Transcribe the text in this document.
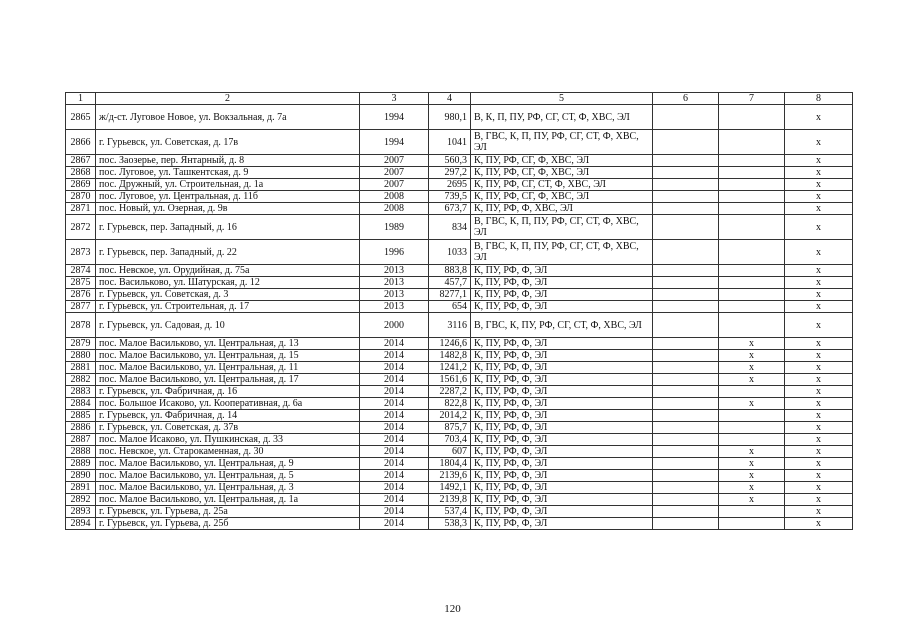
1	2	3	4	5	6	7	8
2865	ж/д-ст. Луговое Новое, ул. Вокзальная, д. 7а	1994	980,1	В, К, П, ПУ, РФ, СГ, СТ, Ф, ХВС, ЭЛ			х
2866	г. Гурьевск, ул. Советская, д. 17в	1994	1041	В, ГВС, К, П, ПУ, РФ, СГ, СТ, Ф, ХВС, ЭЛ			х
2867	пос. Заозерье, пер. Янтарный, д. 8	2007	560,3	К, ПУ, РФ, СГ, Ф, ХВС, ЭЛ			х
2868	пос. Луговое, ул. Ташкентская, д. 9	2007	297,2	К, ПУ, РФ, СГ, Ф, ХВС, ЭЛ			х
2869	пос. Дружный, ул. Строительная, д. 1а	2007	2695	К, ПУ, РФ, СГ, СТ, Ф, ХВС, ЭЛ			х
2870	пос. Луговое, ул. Центральная, д. 11б	2008	739,5	К, ПУ, РФ, СГ, Ф, ХВС, ЭЛ			х
2871	пос. Новый, ул. Озерная, д. 9в	2008	673,7	К, ПУ, РФ, Ф, ХВС, ЭЛ			х
2872	г. Гурьевск, пер. Западный, д. 16	1989	834	В, ГВС, К, П, ПУ, РФ, СГ, СТ, Ф, ХВС, ЭЛ			х
2873	г. Гурьевск, пер. Западный, д. 22	1996	1033	В, ГВС, К, П, ПУ, РФ, СГ, СТ, Ф, ХВС, ЭЛ			х
2874	пос. Невское, ул. Орудийная, д. 75а	2013	883,8	К, ПУ, РФ, Ф, ЭЛ			х
2875	пос. Васильково, ул. Шатурская, д. 12	2013	457,7	К, ПУ, РФ, Ф, ЭЛ			х
2876	г. Гурьевск, ул. Советская, д. 3	2013	8277,1	К, ПУ, РФ, Ф, ЭЛ			х
2877	г. Гурьевск, ул. Строительная, д. 17	2013	654	К, ПУ, РФ, Ф, ЭЛ			х
2878	г. Гурьевск, ул. Садовая, д. 10	2000	3116	В, ГВС, К, ПУ, РФ, СГ, СТ, Ф, ХВС, ЭЛ			х
2879	пос. Малое Васильково, ул. Центральная, д. 13	2014	1246,6	К, ПУ, РФ, Ф, ЭЛ		х	х
2880	пос. Малое Васильково, ул. Центральная, д. 15	2014	1482,8	К, ПУ, РФ, Ф, ЭЛ		х	х
2881	пос. Малое Васильково, ул. Центральная, д. 11	2014	1241,2	К, ПУ, РФ, Ф, ЭЛ		х	х
2882	пос. Малое Васильково, ул. Центральная, д. 17	2014	1561,6	К, ПУ, РФ, Ф, ЭЛ		х	х
2883	г. Гурьевск, ул. Фабричная, д. 16	2014	2287,2	К, ПУ, РФ, Ф, ЭЛ			х
2884	пос. Большое Исаково, ул. Кооперативная, д. 6а	2014	822,8	К, ПУ, РФ, Ф, ЭЛ		х	х
2885	г. Гурьевск, ул. Фабричная, д. 14	2014	2014,2	К, ПУ, РФ, Ф, ЭЛ			х
2886	г. Гурьевск, ул. Советская, д. 37в	2014	875,7	К, ПУ, РФ, Ф, ЭЛ			х
2887	пос. Малое Исаково, ул. Пушкинская, д. 33	2014	703,4	К, ПУ, РФ, Ф, ЭЛ			х
2888	пос. Невское, ул. Старокаменная, д. 30	2014	607	К, ПУ, РФ, Ф, ЭЛ		х	х
2889	пос. Малое Васильково, ул. Центральная, д. 9	2014	1804,4	К, ПУ, РФ, Ф, ЭЛ		х	х
2890	пос. Малое Васильково, ул. Центральная, д. 5	2014	2139,6	К, ПУ, РФ, Ф, ЭЛ		х	х
2891	пос. Малое Васильково, ул. Центральная, д. 3	2014	1492,1	К, ПУ, РФ, Ф, ЭЛ		х	х
2892	пос. Малое Васильково, ул. Центральная, д. 1а	2014	2139,8	К, ПУ, РФ, Ф, ЭЛ		х	х
2893	г. Гурьевск, ул. Гурьева, д. 25а	2014	537,4	К, ПУ, РФ, Ф, ЭЛ			х
2894	г. Гурьевск, ул. Гурьева, д. 25б	2014	538,3	К, ПУ, РФ, Ф, ЭЛ			х
120
